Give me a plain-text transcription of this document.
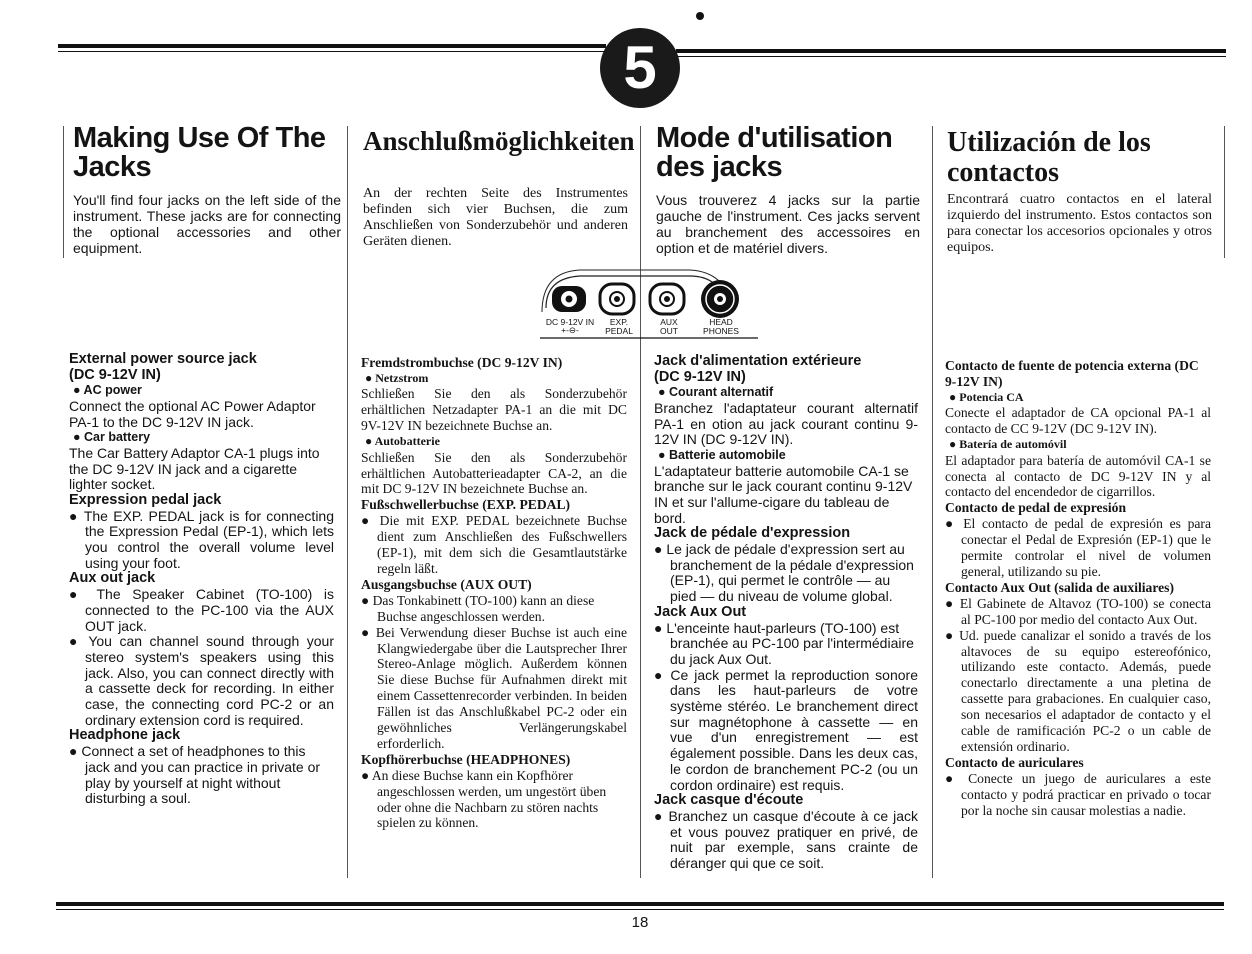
5
Making Use Of The
Jacks

You'll find four jacks on the left side of the instrument. These jacks are for connecting the optional accessories and other equipment.

Anschlußmöglichkeiten

An der rechten Seite des Instrumentes befinden sich vier Buchsen, die zum Anschließen von Sonderzubehör und anderen Geräten dienen.

Mode d'utilisation
des jacks

Vous trouverez 4 jacks sur la partie gauche de l'instrument. Ces jacks servent au branchement des accessoires en option et de matériel divers.

Utilización de los
contactos

Encontrará cuatro contactos en el lateral izquierdo del instrumento. Estos contactos son para conectar los accesorios opcionales y otros equipos.

DC 9-12V IN
+-⊖-
EXP.
PEDAL
AUX
OUT
HEAD
PHONES
External power source jack
(DC 9-12V IN)
● AC power

Connect the optional AC Power Adaptor PA-1 to the DC 9-12V IN jack.

● Car battery

The Car Battery Adaptor CA-1 plugs into the DC 9-12V IN jack and a cigarette lighter socket.

Expression pedal jack

● The EXP. PEDAL jack is for connecting the Expression Pedal (EP-1), which lets you control the overall volume level using your foot.

Aux out jack

● The Speaker Cabinet (TO-100) is connected to the PC-100 via the AUX OUT jack.

● You can channel sound through your stereo system's speakers using this jack. Also, you can connect directly with a cassette deck for recording. In either case, the connecting cord PC-2 or an ordinary extension cord is required.

Headphone jack

● Connect a set of headphones to this jack and you can practice in private or play by yourself at night without disturbing a soul.

Fremdstrombuchse (DC 9-12V IN)
● Netzstrom

Schließen Sie den als Sonderzubehör erhältlichen Netzadapter PA-1 an die mit DC 9V-12V IN bezeichnete Buchse an.

● Autobatterie

Schließen Sie den als Sonderzubehör erhältlichen Autobatterieadapter CA-2, an die mit DC 9-12V IN bezeichnete Buchse an.

Fußschwellerbuchse (EXP. PEDAL)

● Die mit EXP. PEDAL bezeichnete Buchse dient zum Anschließen des Fußschwellers (EP-1), mit dem sich die Gesamtlautstärke regeln läßt.

Ausgangsbuchse (AUX OUT)

● Das Tonkabinett (TO-100) kann an diese Buchse angeschlossen werden.

● Bei Verwendung dieser Buchse ist auch eine Klangwiedergabe über die Lautsprecher Ihrer Stereo-Anlage möglich. Außerdem können Sie diese Buchse für Aufnahmen direkt mit einem Cassettenrecorder verbinden. In beiden Fällen ist das Anschlußkabel PC-2 oder ein gewöhnliches Verlängerungskabel erforderlich.

Kopfhörerbuchse (HEADPHONES)

● An diese Buchse kann ein Kopfhörer angeschlossen werden, um ungestört üben oder ohne die Nachbarn zu stören nachts spielen zu können.

Jack d'alimentation extérieure
(DC 9-12V IN)
● Courant alternatif

Branchez l'adaptateur courant alternatif PA-1 en otion au jack courant continu 9-12V IN (DC 9-12V IN).

● Batterie automobile

L'adaptateur batterie automobile CA-1 se branche sur le jack courant continu 9-12V IN et sur l'allume-cigare du tableau de bord.

Jack de pédale d'expression

● Le jack de pédale d'expression sert au branchement de la pédale d'expression (EP-1), qui permet le contrôle — au pied — du niveau de volume global.

Jack Aux Out

● L'enceinte haut-parleurs (TO-100) est branchée au PC-100 par l'intermédiaire du jack Aux Out.

● Ce jack permet la reproduction sonore dans les haut-parleurs de votre système stéréo. Le branchement direct sur magnétophone à cassette — en vue d'un enregistrement — est également possible. Dans les deux cas, le cordon de branchement PC-2 (ou un cordon ordinaire) est requis.

Jack casque d'écoute

● Branchez un casque d'écoute à ce jack et vous pouvez pratiquer en privé, de nuit par exemple, sans crainte de déranger qui que ce soit.

Contacto de fuente de potencia externa (DC 9-12V IN)
● Potencia CA

Conecte el adaptador de CA opcional PA-1 al contacto de CC 9-12V (DC 9-12V IN).

● Batería de automóvil

El adaptador para batería de automóvil CA-1 se conecta al contacto de DC 9-12V IN y al contacto del encendedor de cigarrillos.

Contacto de pedal de expresión

● El contacto de pedal de expresión es para conectar el Pedal de Expresión (EP-1) que le permite controlar el nivel de volumen general, utilizando su pie.

Contacto Aux Out (salida de auxiliares)

● El Gabinete de Altavoz (TO-100) se conecta al PC-100 por medio del contacto Aux Out.

● Ud. puede canalizar el sonido a través de los altavoces de su equipo estereofónico, utilizando este contacto. Además, puede conectarlo directamente a una pletina de cassette para grabaciones. En cualquier caso, son necesarios el adaptador de contacto y el cable de ramificación PC-2 o un cable de extensión ordinario.

Contacto de auriculares

● Conecte un juego de auriculares a este contacto y podrá practicar en privado o tocar por la noche sin causar molestias a nadie.

18
